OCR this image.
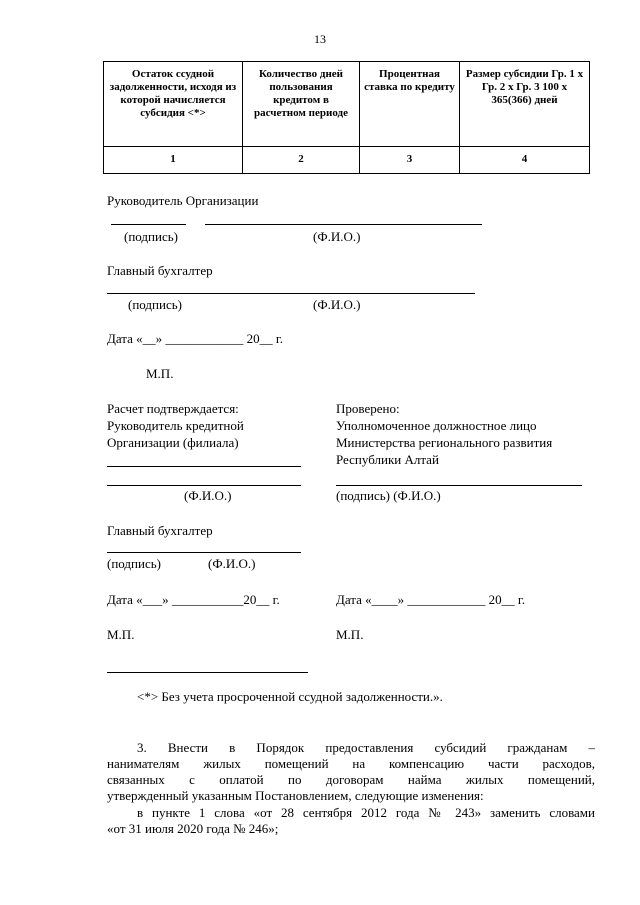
13
Остаток ссудной задолженности, исходя из которой начисляется субсидия <*>	Количество дней пользования кредитом в расчетном периоде	Процентная ставка по кредиту	Размер субсидии Гр. 1 x Гр. 2 x Гр. 3 100 x 365(366) дней
1	2	3	4
Руководитель Организации
(подпись)	(Ф.И.О.)
Главный бухгалтер
(подпись)	(Ф.И.О.)
Дата «__» ____________ 20__ г.
М.П.
Расчет подтверждается:
Руководитель кредитной
Организации (филиала)
(Ф.И.О.)
Главный бухгалтер
(подпись)	(Ф.И.О.)
Дата «___» ___________20__ г.
М.П.
Проверено:
Уполномоченное должностное лицо
Министерства регионального развития
Республики Алтай
(подпись) (Ф.И.О.)
Дата «____» ____________ 20__ г.
М.П.
<*> Без учета просроченной ссудной задолженности.».
3. Внести в Порядок предоставления субсидий гражданам –
нанимателям жилых помещений на компенсацию части расходов,
связанных с оплатой по договорам найма жилых помещений,
утвержденный указанным Постановлением, следующие изменения:
в пункте 1 слова «от 28 сентября 2012 года № 243» заменить словами
«от 31 июля 2020 года № 246»;
